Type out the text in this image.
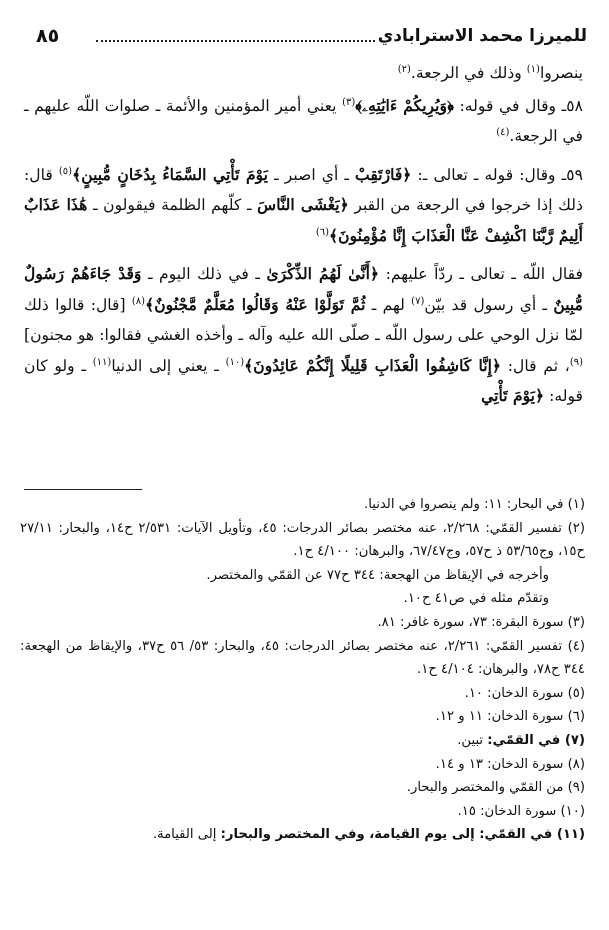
للميرزا محمد الاسترابادي
٨٥

ينصروا$^{(١)}$ وذلك في الرجعة.$^{(٢)}$

٥٨ـ وقال في قوله: ﴿وَيُرِيكُمْ ءَايَٰتِهِۦ﴾$^{(٣)}$ يعني أمير المؤمنين والأئمة ـ صلوات اللّه عليهم ـ في الرجعة.$^{(٤)}$

٥٩ـ وقال: قوله ـ تعالى ـ: ﴿فَارْتَقِبْ ـ أي اصبر ـ يَوْمَ تَأْتِي السَّمَاءُ بِدُخَانٍ مُّبِينٍ﴾$^{(٥)}$ قال: ذلك إذا خرجوا في الرجعة من القبر ﴿يَغْشَى النَّاسَ ـ كلّهم الظلمة فيقولون ـ هَٰذَا عَذَابٌ أَلِيمٌ رَّبَّنَا اكْشِفْ عَنَّا الْعَذَابَ إِنَّا مُؤْمِنُونَ﴾$^{(٦)}$

فقال اللّه ـ تعالى ـ ردّاً عليهم: ﴿أَنَّىٰ لَهُمُ الذِّكْرَىٰ ـ في ذلك اليوم ـ وَقَدْ جَاءَهُمْ رَسُولٌ مُّبِينٌ ـ أي رسول قد بيّن$^{(٧)}$ لهم ـ ثُمَّ تَوَلَّوْا عَنْهُ وَقَالُوا مُعَلَّمٌ مَّجْنُونٌ﴾$^{(٨)}$ [قال: قالوا ذلك لمّا نزل الوحي على رسول اللّه ـ صلّى الله عليه وآله ـ وأخذه الغشي فقالوا: هو مجنون]$^{(٩)}$، ثم قال: ﴿إِنَّا كَاشِفُوا الْعَذَابِ قَلِيلًا إِنَّكُمْ عَائِدُونَ﴾$^{(١٠)}$ ـ يعني إلى الدنيا$^{(١١)}$ ـ ولو كان قوله: ﴿يَوْمَ تَأْتِي

(١) في البحار: ١١: ولم ينصروا في الدنيا.

(٢) تفسير القمّي: ٢/٢٦٨، عنه مختصر بصائر الدرجات: ٤٥، وتأويل الآيات: ٢/٥٣١ ح١٤، والبحار: ٢٧/١١ ح١٥، وج٥٣/٦٥ ذ ح٥٧، وج٦٧/٤٧، والبرهان: ٤/١٠٠ ح١.

وأخرجه في الإيقاظ من الهجعة: ٣٤٤ ح٧٧ عن القمّي والمختصر.

وتقدّم مثله في ص٤١ ح١٠.

(٣) سورة البقرة: ٧٣، سورة غافر: ٨١.

(٤) تفسير القمّي: ٢/٢٦١، عنه مختصر بصائر الدرجات: ٤٥، والبحار: ٥٣/ ٥٦ ح٣٧، والإيقاظ من الهجعة: ٣٤٤ ح٧٨، والبرهان: ٤/١٠٤ ح١.

(٥) سورة الدخان: ١٠.

(٦) سورة الدخان: ١١ و ١٢.

(٧) في القمّي: تبين.

(٨) سورة الدخان: ١٣ و ١٤.

(٩) من القمّي والمختصر والبحار.

(١٠) سورة الدخان: ١٥.

(١١) في القمّي: إلى يوم القيامة، وفي المختصر والبحار: إلى القيامة.
